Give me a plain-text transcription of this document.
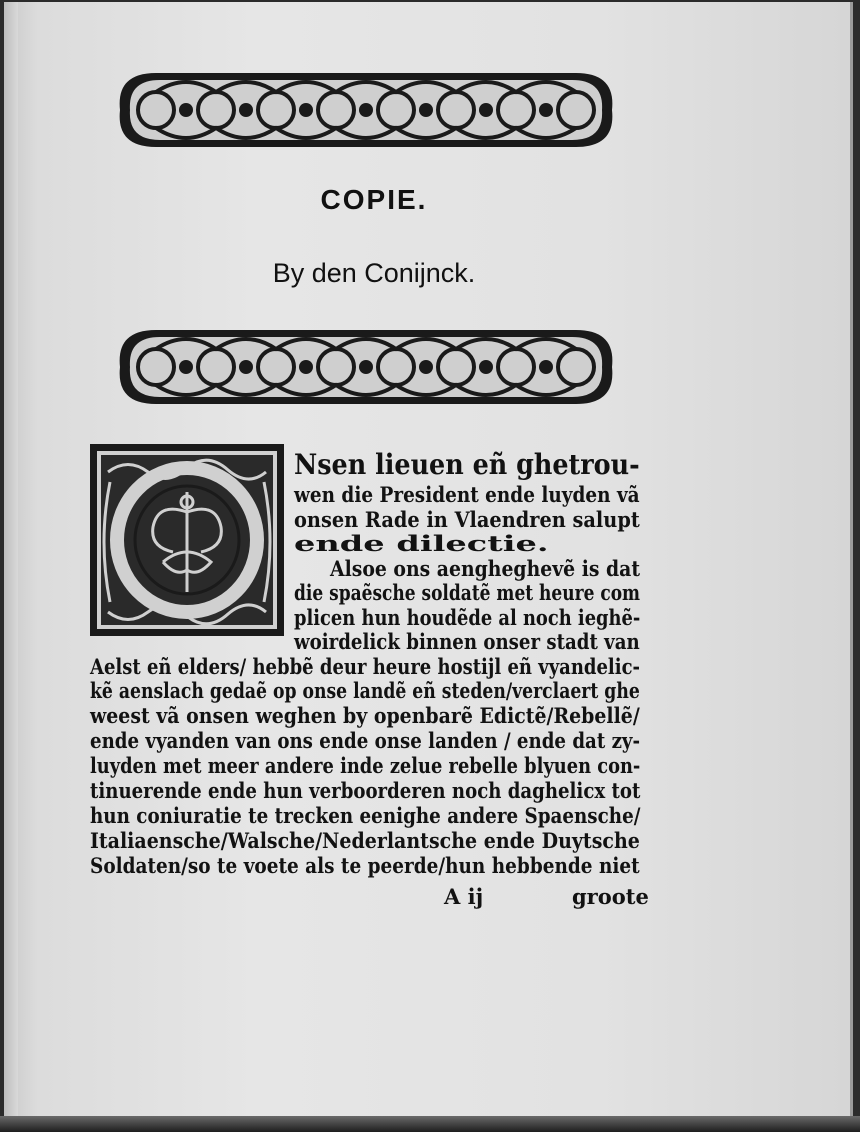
COPIE.
By den Conijnck.
Nsen lieuen eñ ghetrou-
wen die President ende luyden vã
onsen Rade in Vlaendren salupt
ende dilectie.
Alsoe ons aengheghevẽ is dat
die spaẽsche soldatẽ met heure com
plicen hun houdẽde al noch ieghẽ-
woirdelick binnen onser stadt van
Aelst eñ elders/ hebbẽ deur heure hostijl eñ vyandelic-
kẽ aenslach gedaẽ op onse landẽ eñ steden/verclaert ghe
weest vã onsen weghen by openbarẽ Edictẽ/Rebellẽ/
ende vyanden van ons ende onse landen / ende dat zy-
luyden met meer andere inde zelue rebelle blyuen con-
tinuerende ende hun verboorderen noch daghelicx tot
hun coniuratie te trecken eenighe andere Spaensche/
Italiaensche/Walsche/Nederlantsche ende Duytsche
Soldaten/so te voete als te peerde/hun hebbende niet
A ij	groote
